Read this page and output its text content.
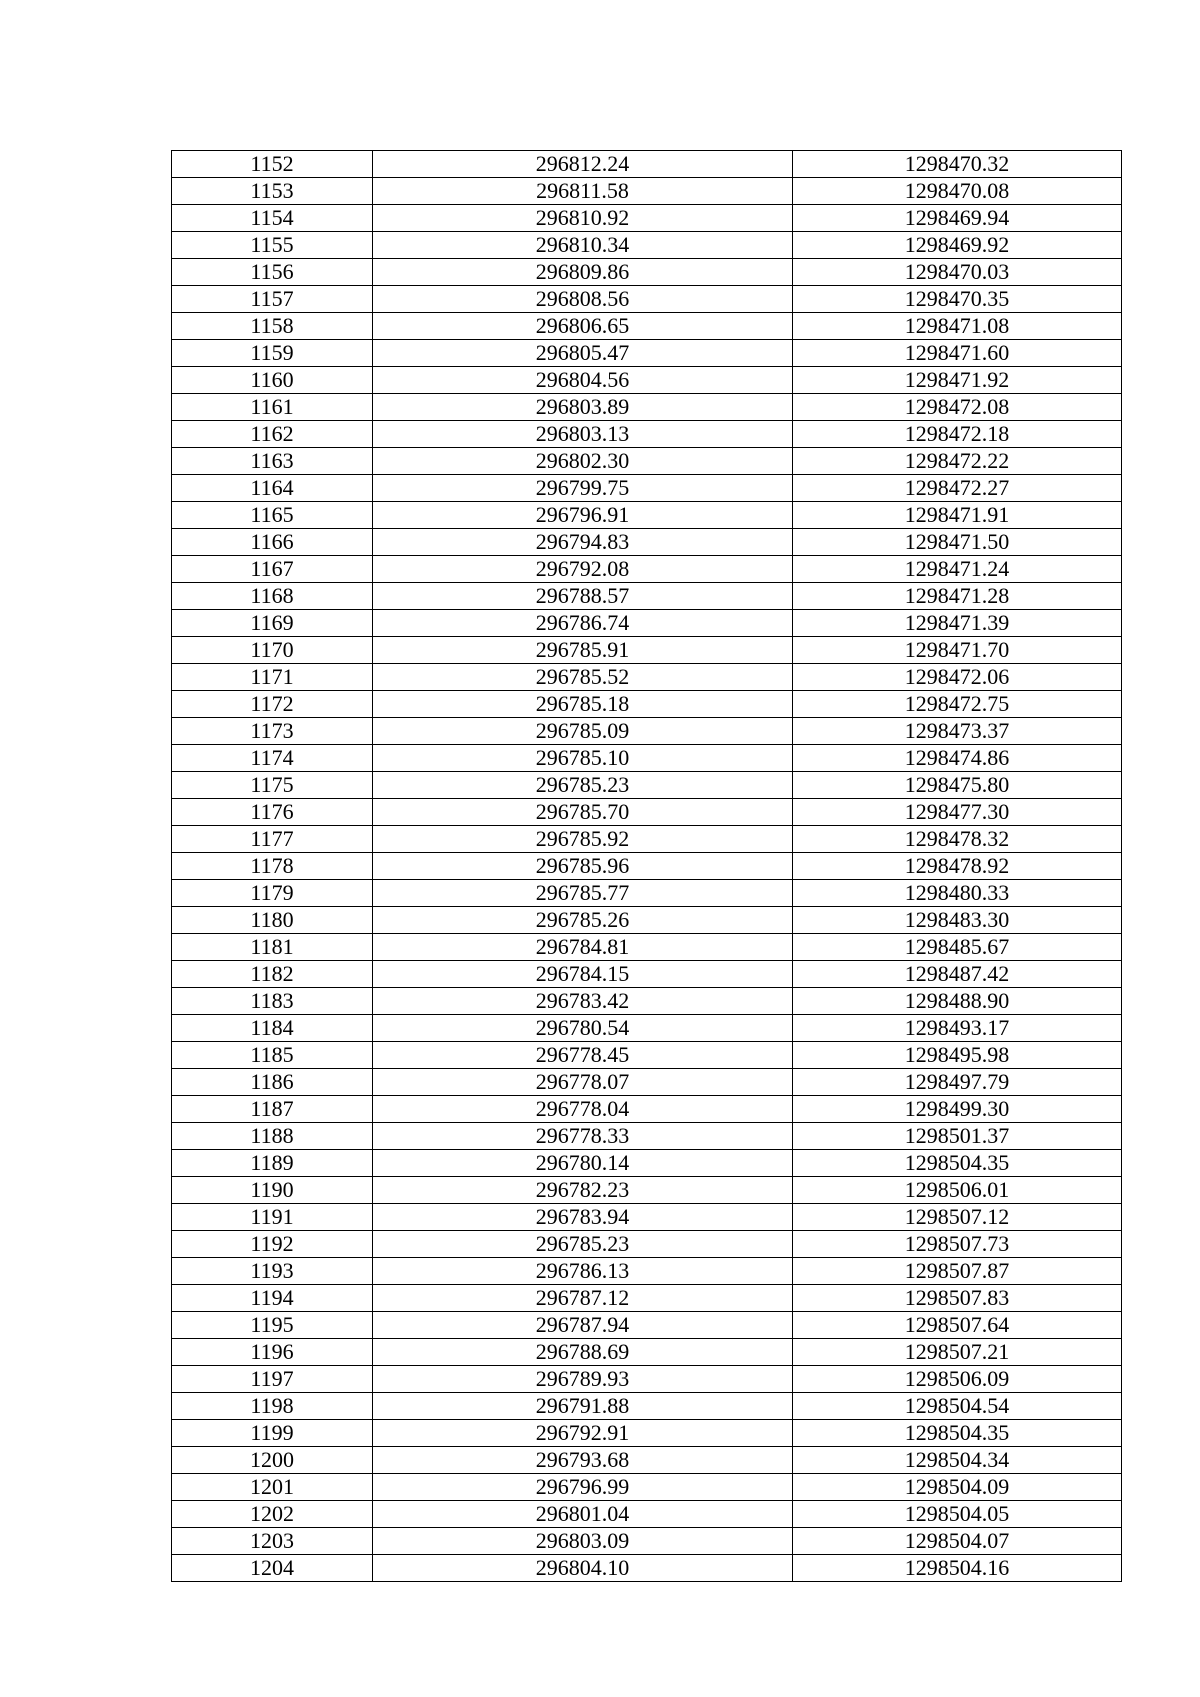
1152	296812.24	1298470.32
1153	296811.58	1298470.08
1154	296810.92	1298469.94
1155	296810.34	1298469.92
1156	296809.86	1298470.03
1157	296808.56	1298470.35
1158	296806.65	1298471.08
1159	296805.47	1298471.60
1160	296804.56	1298471.92
1161	296803.89	1298472.08
1162	296803.13	1298472.18
1163	296802.30	1298472.22
1164	296799.75	1298472.27
1165	296796.91	1298471.91
1166	296794.83	1298471.50
1167	296792.08	1298471.24
1168	296788.57	1298471.28
1169	296786.74	1298471.39
1170	296785.91	1298471.70
1171	296785.52	1298472.06
1172	296785.18	1298472.75
1173	296785.09	1298473.37
1174	296785.10	1298474.86
1175	296785.23	1298475.80
1176	296785.70	1298477.30
1177	296785.92	1298478.32
1178	296785.96	1298478.92
1179	296785.77	1298480.33
1180	296785.26	1298483.30
1181	296784.81	1298485.67
1182	296784.15	1298487.42
1183	296783.42	1298488.90
1184	296780.54	1298493.17
1185	296778.45	1298495.98
1186	296778.07	1298497.79
1187	296778.04	1298499.30
1188	296778.33	1298501.37
1189	296780.14	1298504.35
1190	296782.23	1298506.01
1191	296783.94	1298507.12
1192	296785.23	1298507.73
1193	296786.13	1298507.87
1194	296787.12	1298507.83
1195	296787.94	1298507.64
1196	296788.69	1298507.21
1197	296789.93	1298506.09
1198	296791.88	1298504.54
1199	296792.91	1298504.35
1200	296793.68	1298504.34
1201	296796.99	1298504.09
1202	296801.04	1298504.05
1203	296803.09	1298504.07
1204	296804.10	1298504.16
